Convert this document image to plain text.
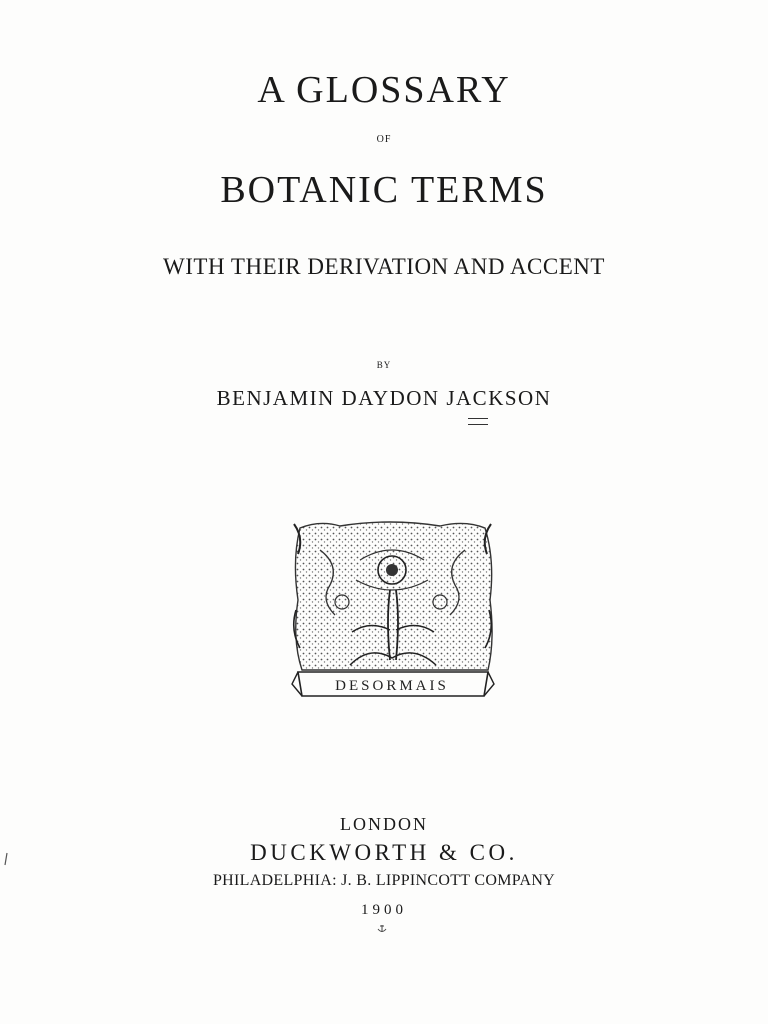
A GLOSSARY
OF
BOTANIC TERMS
WITH THEIR DERIVATION AND ACCENT
BY
BENJAMIN DAYDON JACKSON
DESORMAIS
LONDON
DUCKWORTH & CO.
PHILADELPHIA: J. B. LIPPINCOTT COMPANY
1900
